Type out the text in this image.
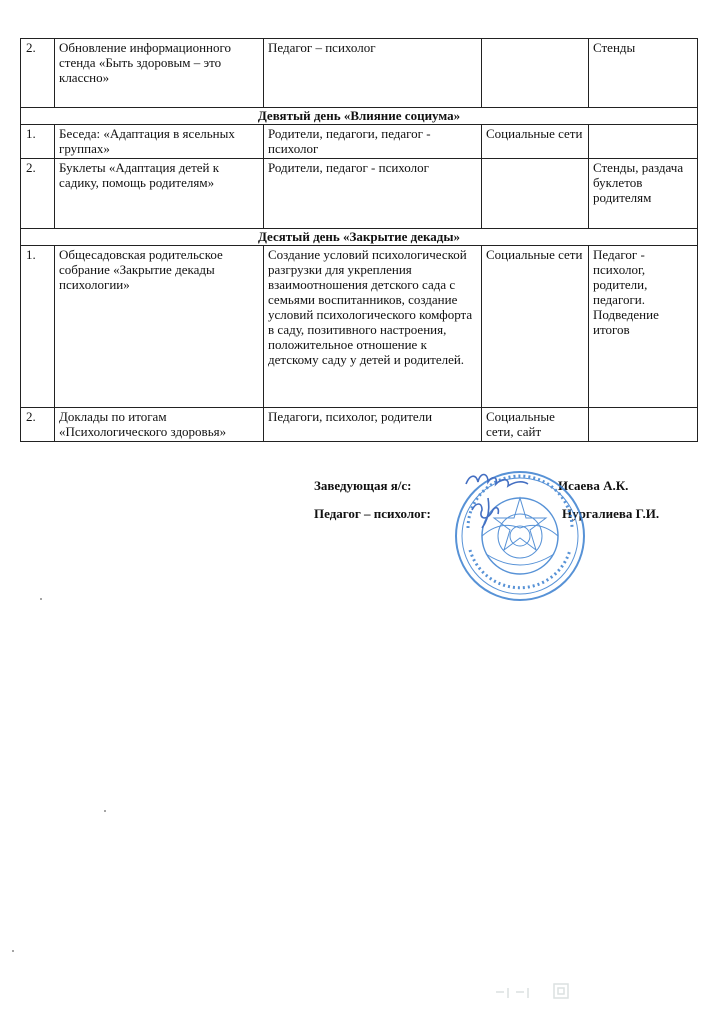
2.	Обновление информационного стенда «Быть здоровым – это классно»	Педагог – психолог		Стенды
Девятый день «Влияние социума»				
1.	Беседа: «Адаптация в ясельных группах»	Родители, педагоги, педагог - психолог	Социальные сети	
2.	Буклеты «Адаптация детей к садику, помощь родителям»	Родители, педагог - психолог		Стенды, раздача буклетов родителям
Десятый день «Закрытие декады»				
1.	Общесадовская родительское собрание «Закрытие декады психологии»	Создание условий психологической разгрузки для укрепления взаимоотношения детского сада с семьями воспитанников, создание условий психологического комфорта в саду, позитивного настроения, положительное отношение к детскому саду у детей и родителей.	Социальные сети	Педагог - психолог, родители, педагоги. Подведение итогов
2.	Доклады по итогам «Психологического здоровья»	Педагоги, психолог, родители	Социальные сети, сайт	
Заведующая я/с:	Исаева А.К.
Педагог – психолог:	Нургалиева Г.И.
